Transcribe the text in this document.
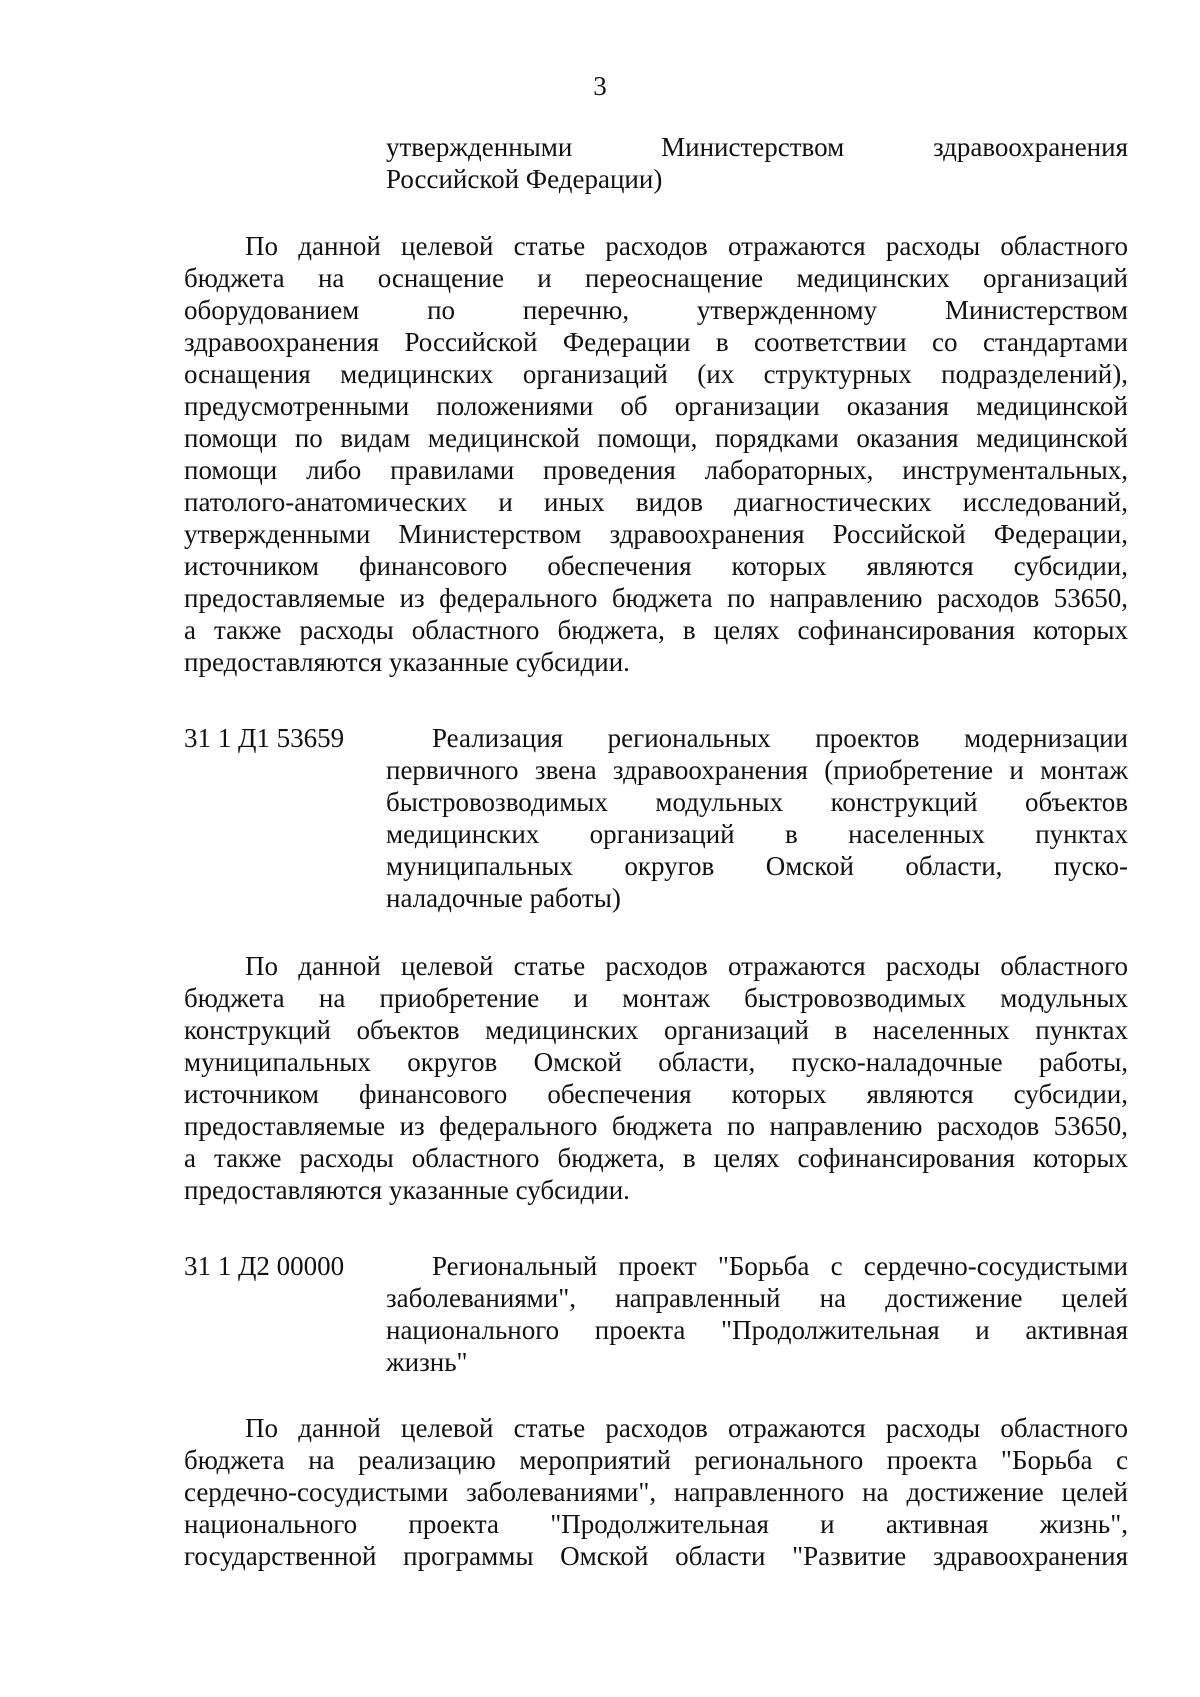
3
утвержденными Министерством здравоохранения
Российской Федерации)
По данной целевой статье расходов отражаются расходы областного
бюджета на оснащение и переоснащение медицинских организаций
оборудованием по перечню, утвержденному Министерством
здравоохранения Российской Федерации в соответствии со стандартами
оснащения медицинских организаций (их структурных подразделений),
предусмотренными положениями об организации оказания медицинской
помощи по видам медицинской помощи, порядками оказания медицинской
помощи либо правилами проведения лабораторных, инструментальных,
патолого-анатомических и иных видов диагностических исследований,
утвержденными Министерством здравоохранения Российской Федерации,
источником финансового обеспечения которых являются субсидии,
предоставляемые из федерального бюджета по направлению расходов 53650,
а также расходы областного бюджета, в целях софинансирования которых
предоставляются указанные субсидии.
31 1 Д1 53659	Реализация региональных проектов модернизации
первичного звена здравоохранения (приобретение и монтаж
быстровозводимых модульных конструкций объектов
медицинских организаций в населенных пунктах
муниципальных округов Омской области, пуско-
наладочные работы)
По данной целевой статье расходов отражаются расходы областного
бюджета на приобретение и монтаж быстровозводимых модульных
конструкций объектов медицинских организаций в населенных пунктах
муниципальных округов Омской области, пуско-наладочные работы,
источником финансового обеспечения которых являются субсидии,
предоставляемые из федерального бюджета по направлению расходов 53650,
а также расходы областного бюджета, в целях софинансирования которых
предоставляются указанные субсидии.
31 1 Д2 00000	Региональный проект "Борьба с сердечно-сосудистыми
заболеваниями", направленный на достижение целей
национального проекта "Продолжительная и активная
жизнь"
По данной целевой статье расходов отражаются расходы областного
бюджета на реализацию мероприятий регионального проекта "Борьба с
сердечно-сосудистыми заболеваниями", направленного на достижение целей
национального проекта "Продолжительная и активная жизнь",
государственной программы Омской области "Развитие здравоохранения
